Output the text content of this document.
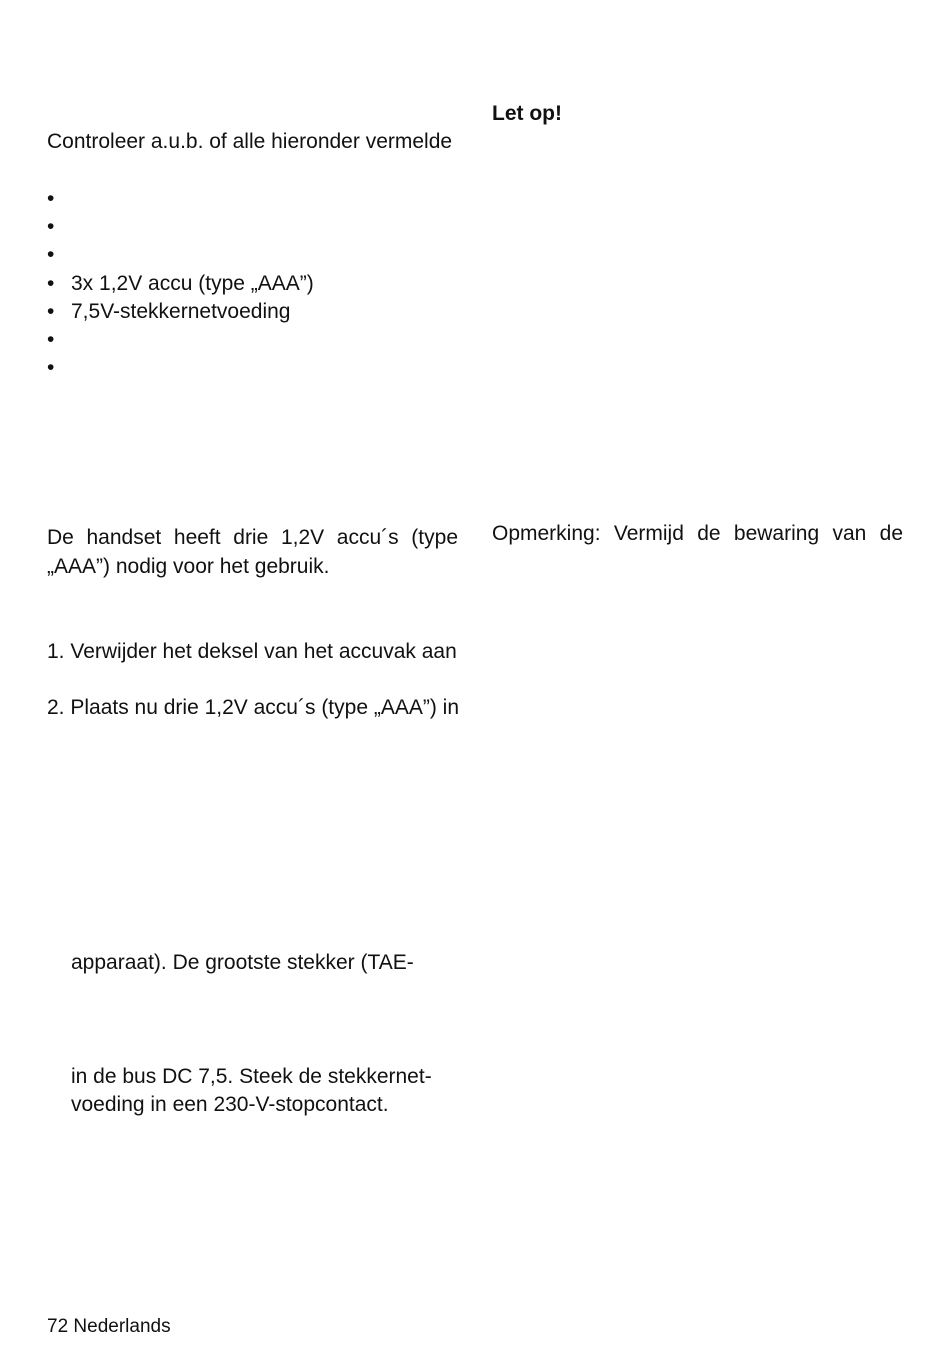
Let op!
Opmerking: Vermijd de bewaring van de
Controleer a.u.b. of alle hieronder vermelde
•
•
•
• 3x 1,2V accu (type „AAA”)
• 7,5V-stekkernetvoeding
•
•
De handset heeft drie 1,2V accu´s (type
„AAA”) nodig voor het gebruik.
1. Verwijder het deksel van het accuvak aan
2. Plaats nu drie 1,2V accu´s (type „AAA”) in
apparaat). De grootste stekker (TAE-
in de bus DC 7,5. Steek de stekkernet-
voeding in een 230-V-stopcontact.
72 Nederlands
